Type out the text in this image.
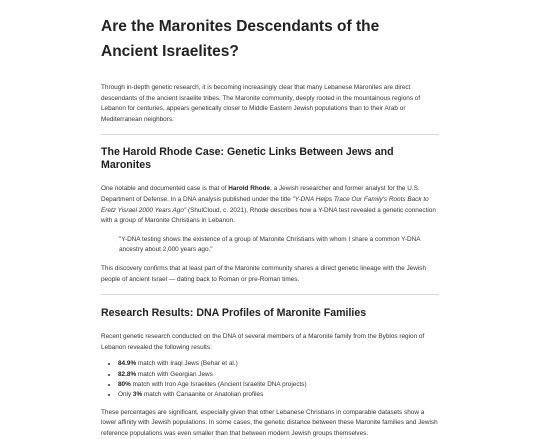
Are the Maronites Descendants of the Ancient Israelites?

Through in-depth genetic research, it is becoming increasingly clear that many Lebanese Maronites are direct descendants of the ancient Israelite tribes. The Maronite community, deeply rooted in the mountainous regions of Lebanon for centuries, appears genetically closer to Middle Eastern Jewish populations than to their Arab or Mediterranean neighbors.

The Harold Rhode Case: Genetic Links Between Jews and Maronites

One notable and documented case is that of Harold Rhode, a Jewish researcher and former analyst for the U.S. Department of Defense. In a DNA analysis published under the title "Y-DNA Helps Trace Our Family's Roots Back to Eretz Yisrael 2000 Years Ago" (ShulCloud, c. 2021), Rhode describes how a Y-DNA test revealed a genetic connection with a group of Maronite Christians in Lebanon.

"Y-DNA testing shows the existence of a group of Maronite Christians with whom I share a common Y-DNA ancestry about 2,000 years ago."

This discovery confirms that at least part of the Maronite community shares a direct genetic lineage with the Jewish people of ancient Israel — dating back to Roman or pre-Roman times.

Research Results: DNA Profiles of Maronite Families

Recent genetic research conducted on the DNA of several members of a Maronite family from the Byblos region of Lebanon revealed the following results:

• 84.9% match with Iraqi Jews (Behar et al.)
• 82.8% match with Georgian Jews
• 80% match with Iron Age Israelites (Ancient Israelite DNA projects)
• Only 3% match with Canaanite or Anatolian profiles

These percentages are significant, especially given that other Lebanese Christians in comparable datasets show a lower affinity with Jewish populations. In some cases, the genetic distance between these Maronite families and Jewish reference populations was even smaller than that between modern Jewish groups themselves.
